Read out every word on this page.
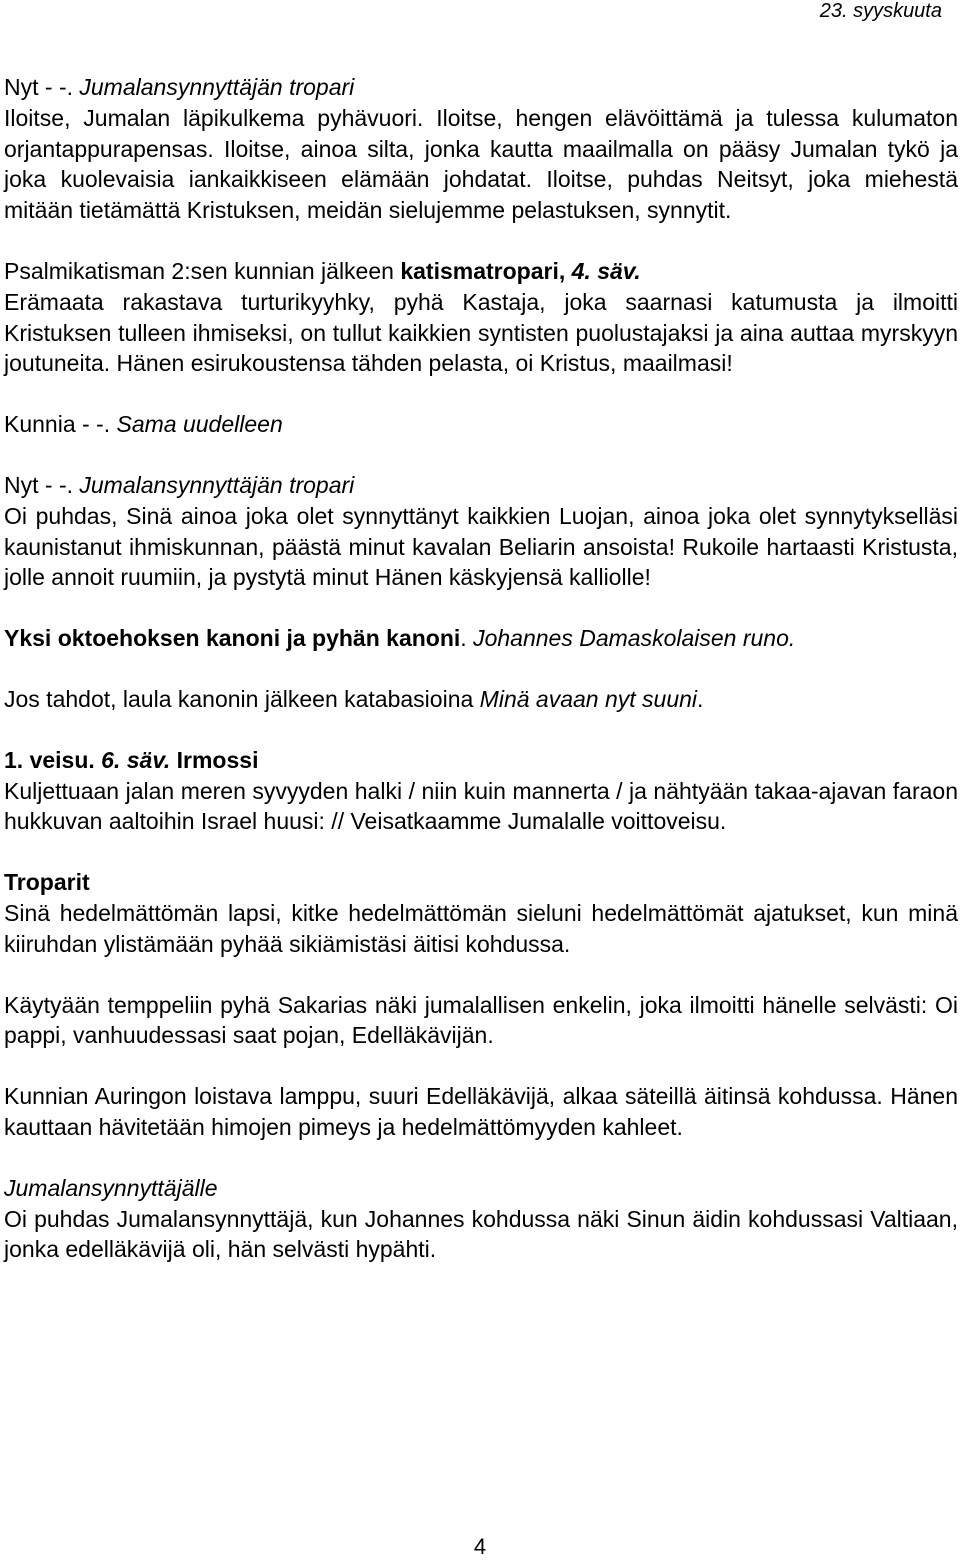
23. syyskuuta
Nyt - -. Jumalansynnyttäjän tropari

Iloitse, Jumalan läpikulkema pyhävuori. Iloitse, hengen elävöittämä ja tulessa kulumaton orjantappurapensas. Iloitse, ainoa silta, jonka kautta maailmalla on pääsy Jumalan tykö ja joka kuolevaisia iankaikkiseen elämään johdatat. Iloitse, puhdas Neitsyt, joka miehestä mitään tietämättä Kristuksen, meidän sielujemme pelastuksen, synnytit.

Psalmikatisman 2:sen kunnian jälkeen katismatropari, 4. säv.

Erämaata rakastava turturikyyhky, pyhä Kastaja, joka saarnasi katumusta ja ilmoitti Kristuksen tulleen ihmiseksi, on tullut kaikkien syntisten puolustajaksi ja aina auttaa myrskyyn joutuneita. Hänen esirukoustensa tähden pelasta, oi Kristus, maailmasi!

Kunnia - -. Sama uudelleen
Nyt - -. Jumalansynnyttäjän tropari

Oi puhdas, Sinä ainoa joka olet synnyttänyt kaikkien Luojan, ainoa joka olet synnytykselläsi kaunistanut ihmiskunnan, päästä minut kavalan Beliarin ansoista! Rukoile hartaasti Kristusta, jolle annoit ruumiin, ja pystytä minut Hänen käskyjensä kalliolle!

Yksi oktoehoksen kanoni ja pyhän kanoni. Johannes Damaskolaisen runo.
Jos tahdot, laula kanonin jälkeen katabasioina Minä avaan nyt suuni.
1. veisu. 6. säv. Irmossi

Kuljettuaan jalan meren syvyyden halki / niin kuin mannerta / ja nähtyään takaa-ajavan faraon hukkuvan aaltoihin Israel huusi: // Veisatkaamme Jumalalle voittoveisu.

Troparit

Sinä hedelmättömän lapsi, kitke hedelmättömän sieluni hedelmättömät ajatukset, kun minä kiiruhdan ylistämään pyhää sikiämistäsi äitisi kohdussa.

Käytyään temppeliin pyhä Sakarias näki jumalallisen enkelin, joka ilmoitti hänelle selvästi: Oi pappi, vanhuudessasi saat pojan, Edelläkävijän.

Kunnian Auringon loistava lamppu, suuri Edelläkävijä, alkaa säteillä äitinsä kohdussa. Hänen kauttaan hävitetään himojen pimeys ja hedelmättömyyden kahleet.

Jumalansynnyttäjälle

Oi puhdas Jumalansynnyttäjä, kun Johannes kohdussa näki Sinun äidin kohdussasi Valtiaan, jonka edelläkävijä oli, hän selvästi hypähti.

4
